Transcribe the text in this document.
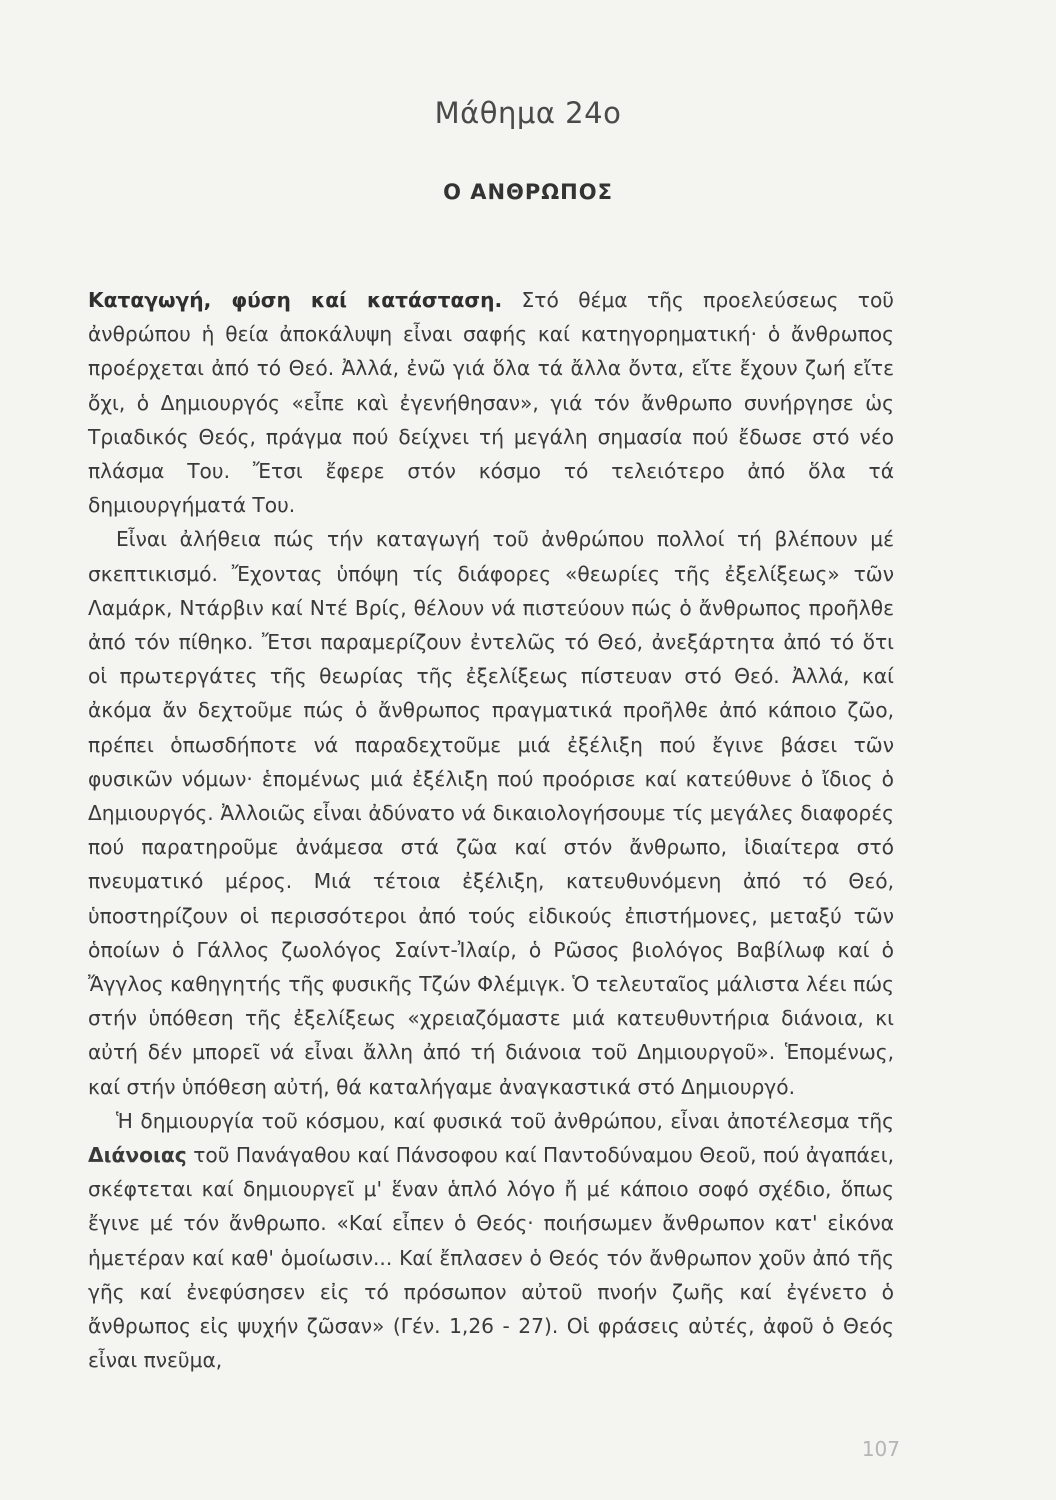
Μάθημα 24ο
Ο ΑΝΘΡΩΠΟΣ

Καταγωγή, φύση καί κατάσταση. Στό θέμα τῆς προελεύσεως τοῦ ἀνθρώπου ἡ θεία ἀποκάλυψη εἶναι σαφής καί κατηγορηματική· ὁ ἄνθρωπος προέρχεται ἀπό τό Θεό. Ἀλλά, ἐνῶ γιά ὅλα τά ἄλλα ὄντα, εἴτε ἔχουν ζωή εἴτε ὄχι, ὁ Δημιουργός «εἶπε καὶ ἐγενήθησαν», γιά τόν ἄνθρωπο συνήργησε ὡς Τριαδικός Θεός, πράγμα πού δείχνει τή μεγάλη σημασία πού ἔδωσε στό νέο πλάσμα Του. Ἔτσι ἔφερε στόν κόσμο τό τελειότερο ἀπό ὅλα τά δημιουργήματά Του.

Εἶναι ἀλήθεια πώς τήν καταγωγή τοῦ ἀνθρώπου πολλοί τή βλέπουν μέ σκεπτικισμό. Ἔχοντας ὑπόψη τίς διάφορες «θεωρίες τῆς ἐξελίξεως» τῶν Λαμάρκ, Ντάρβιν καί Ντέ Βρίς, θέλουν νά πιστεύουν πώς ὁ ἄνθρωπος προῆλθε ἀπό τόν πίθηκο. Ἔτσι παραμερίζουν ἐντελῶς τό Θεό, ἀνεξάρτητα ἀπό τό ὅτι οἱ πρωτεργάτες τῆς θεωρίας τῆς ἐξελίξεως πίστευαν στό Θεό. Ἀλλά, καί ἀκόμα ἄν δεχτοῦμε πώς ὁ ἄνθρωπος πραγματικά προῆλθε ἀπό κάποιο ζῶο, πρέπει ὁπωσδήποτε νά παραδεχτοῦμε μιά ἐξέλιξη πού ἔγινε βάσει τῶν φυσικῶν νόμων· ἑπομένως μιά ἐξέλιξη πού προόρισε καί κατεύθυνε ὁ ἴδιος ὁ Δημιουργός. Ἀλλοιῶς εἶναι ἀδύνατο νά δικαιολογήσουμε τίς μεγάλες διαφορές πού παρατηροῦμε ἀνάμεσα στά ζῶα καί στόν ἄνθρωπο, ἰδιαίτερα στό πνευματικό μέρος. Μιά τέτοια ἐξέλιξη, κατευθυνόμενη ἀπό τό Θεό, ὑποστηρίζουν οἱ περισσότεροι ἀπό τούς εἰδικούς ἐπιστήμονες, μεταξύ τῶν ὁποίων ὁ Γάλλος ζωολόγος Σαίντ-Ἰλαίρ, ὁ Ρῶσος βιολόγος Βαβίλωφ καί ὁ Ἄγγλος καθηγητής τῆς φυσικῆς Τζών Φλέμιγκ. Ὁ τελευταῖος μάλιστα λέει πώς στήν ὑπόθεση τῆς ἐξελίξεως «χρειαζόμαστε μιά κατευθυντήρια διάνοια, κι αὐτή δέν μπορεῖ νά εἶναι ἄλλη ἀπό τή διάνοια τοῦ Δημιουργοῦ». Ἑπομένως, καί στήν ὑπόθεση αὐτή, θά καταλήγαμε ἀναγκαστικά στό Δημιουργό.

Ἡ δημιουργία τοῦ κόσμου, καί φυσικά τοῦ ἀνθρώπου, εἶναι ἀποτέλεσμα τῆς Διάνοιας τοῦ Πανάγαθου καί Πάνσοφου καί Παντοδύναμου Θεοῦ, πού ἀγαπάει, σκέφτεται καί δημιουργεῖ μ' ἕναν ἁπλό λόγο ἤ μέ κάποιο σοφό σχέδιο, ὅπως ἔγινε μέ τόν ἄνθρωπο. «Καί εἶπεν ὁ Θεός· ποιήσωμεν ἄνθρωπον κατ' εἰκόνα ἡμετέραν καί καθ' ὁμοίωσιν... Καί ἔπλασεν ὁ Θεός τόν ἄνθρωπον χοῦν ἀπό τῆς γῆς καί ἐνεφύσησεν εἰς τό πρόσωπον αὐτοῦ πνοήν ζωῆς καί ἐγένετο ὁ ἄνθρωπος εἰς ψυχήν ζῶσαν» (Γέν. 1,26 - 27). Οἱ φράσεις αὐτές, ἀφοῦ ὁ Θεός εἶναι πνεῦμα,

107
